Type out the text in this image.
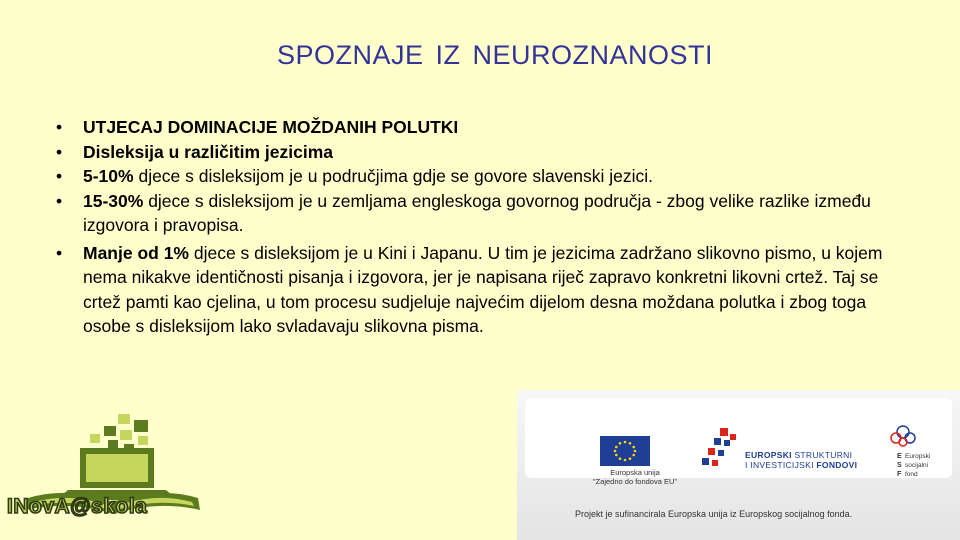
SPOZNAJE IZ NEUROZNANOSTI
• UTJECAJ DOMINACIJE MOŽDANIH POLUTKI
• Disleksija u različitim jezicima
• 5-10% djece s disleksijom je u područjima gdje se govore slavenski jezici.
• 15-30% djece s disleksijom je u zemljama engleskoga govornog područja - zbog velike razlike između izgovora i pravopisa.
• Manje od 1% djece s disleksijom je u Kini i Japanu. U tim je jezicima zadržano slikovno pismo, u kojem nema nikakve identičnosti pisanja i izgovora, jer je napisana riječ zapravo konkretni likovni crtež. Taj se crtež pamti kao cjelina, u tom procesu sudjeluje najvećim dijelom desna moždana polutka i zbog toga osobe s disleksijom lako svladavaju slikovna pisma.
INovA@skola
Europska unija
"Zajedno do fondova EU"
EUROPSKI STRUKTURNI
I INVESTICIJSKI FONDOVI
E
S
F
Europski
socijalni
fond
Projekt je sufinancirala Europska unija iz Europskog socijalnog fonda.
